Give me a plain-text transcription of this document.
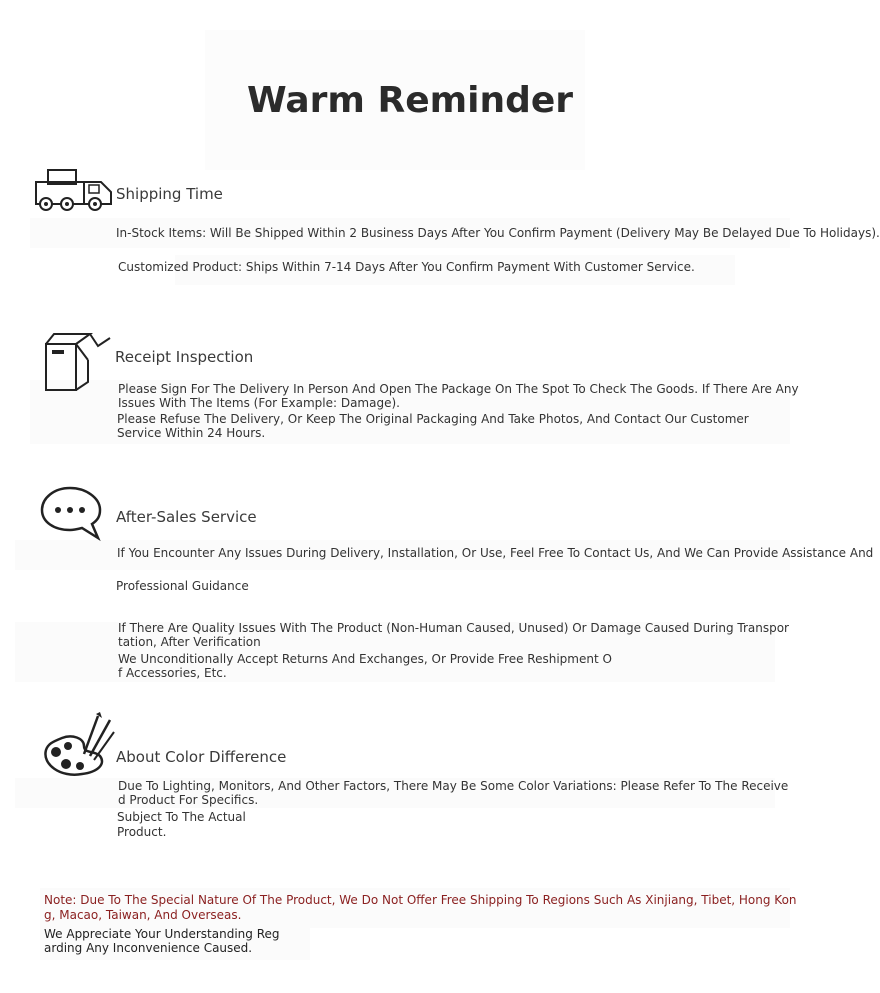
Warm Reminder
Shipping Time
In-Stock Items: Will Be Shipped Within 2 Business Days After You Confirm Payment (Delivery May Be Delayed Due To Holidays).
Customized Product: Ships Within 7-14 Days After You Confirm Payment With Customer Service.
Receipt Inspection
Please Sign For The Delivery In Person And Open The Package On The Spot To Check The Goods. If There Are Any
Issues With The Items (For Example: Damage).
Please Refuse The Delivery, Or Keep The Original Packaging And Take Photos, And Contact Our Customer
Service Within 24 Hours.
After-Sales Service
If You Encounter Any Issues During Delivery, Installation, Or Use, Feel Free To Contact Us, And We Can Provide Assistance And
Professional Guidance
If There Are Quality Issues With The Product (Non-Human Caused, Unused) Or Damage Caused During Transpor
tation, After Verification
We Unconditionally Accept Returns And Exchanges, Or Provide Free Reshipment O
f Accessories, Etc.
About Color Difference
Due To Lighting, Monitors, And Other Factors, There May Be Some Color Variations: Please Refer To The Receive
d Product For Specifics.
Subject To The Actual
Product.
Note: Due To The Special Nature Of The Product, We Do Not Offer Free Shipping To Regions Such As Xinjiang, Tibet, Hong Kon
g, Macao, Taiwan, And Overseas.
We Appreciate Your Understanding Reg
arding Any Inconvenience Caused.
